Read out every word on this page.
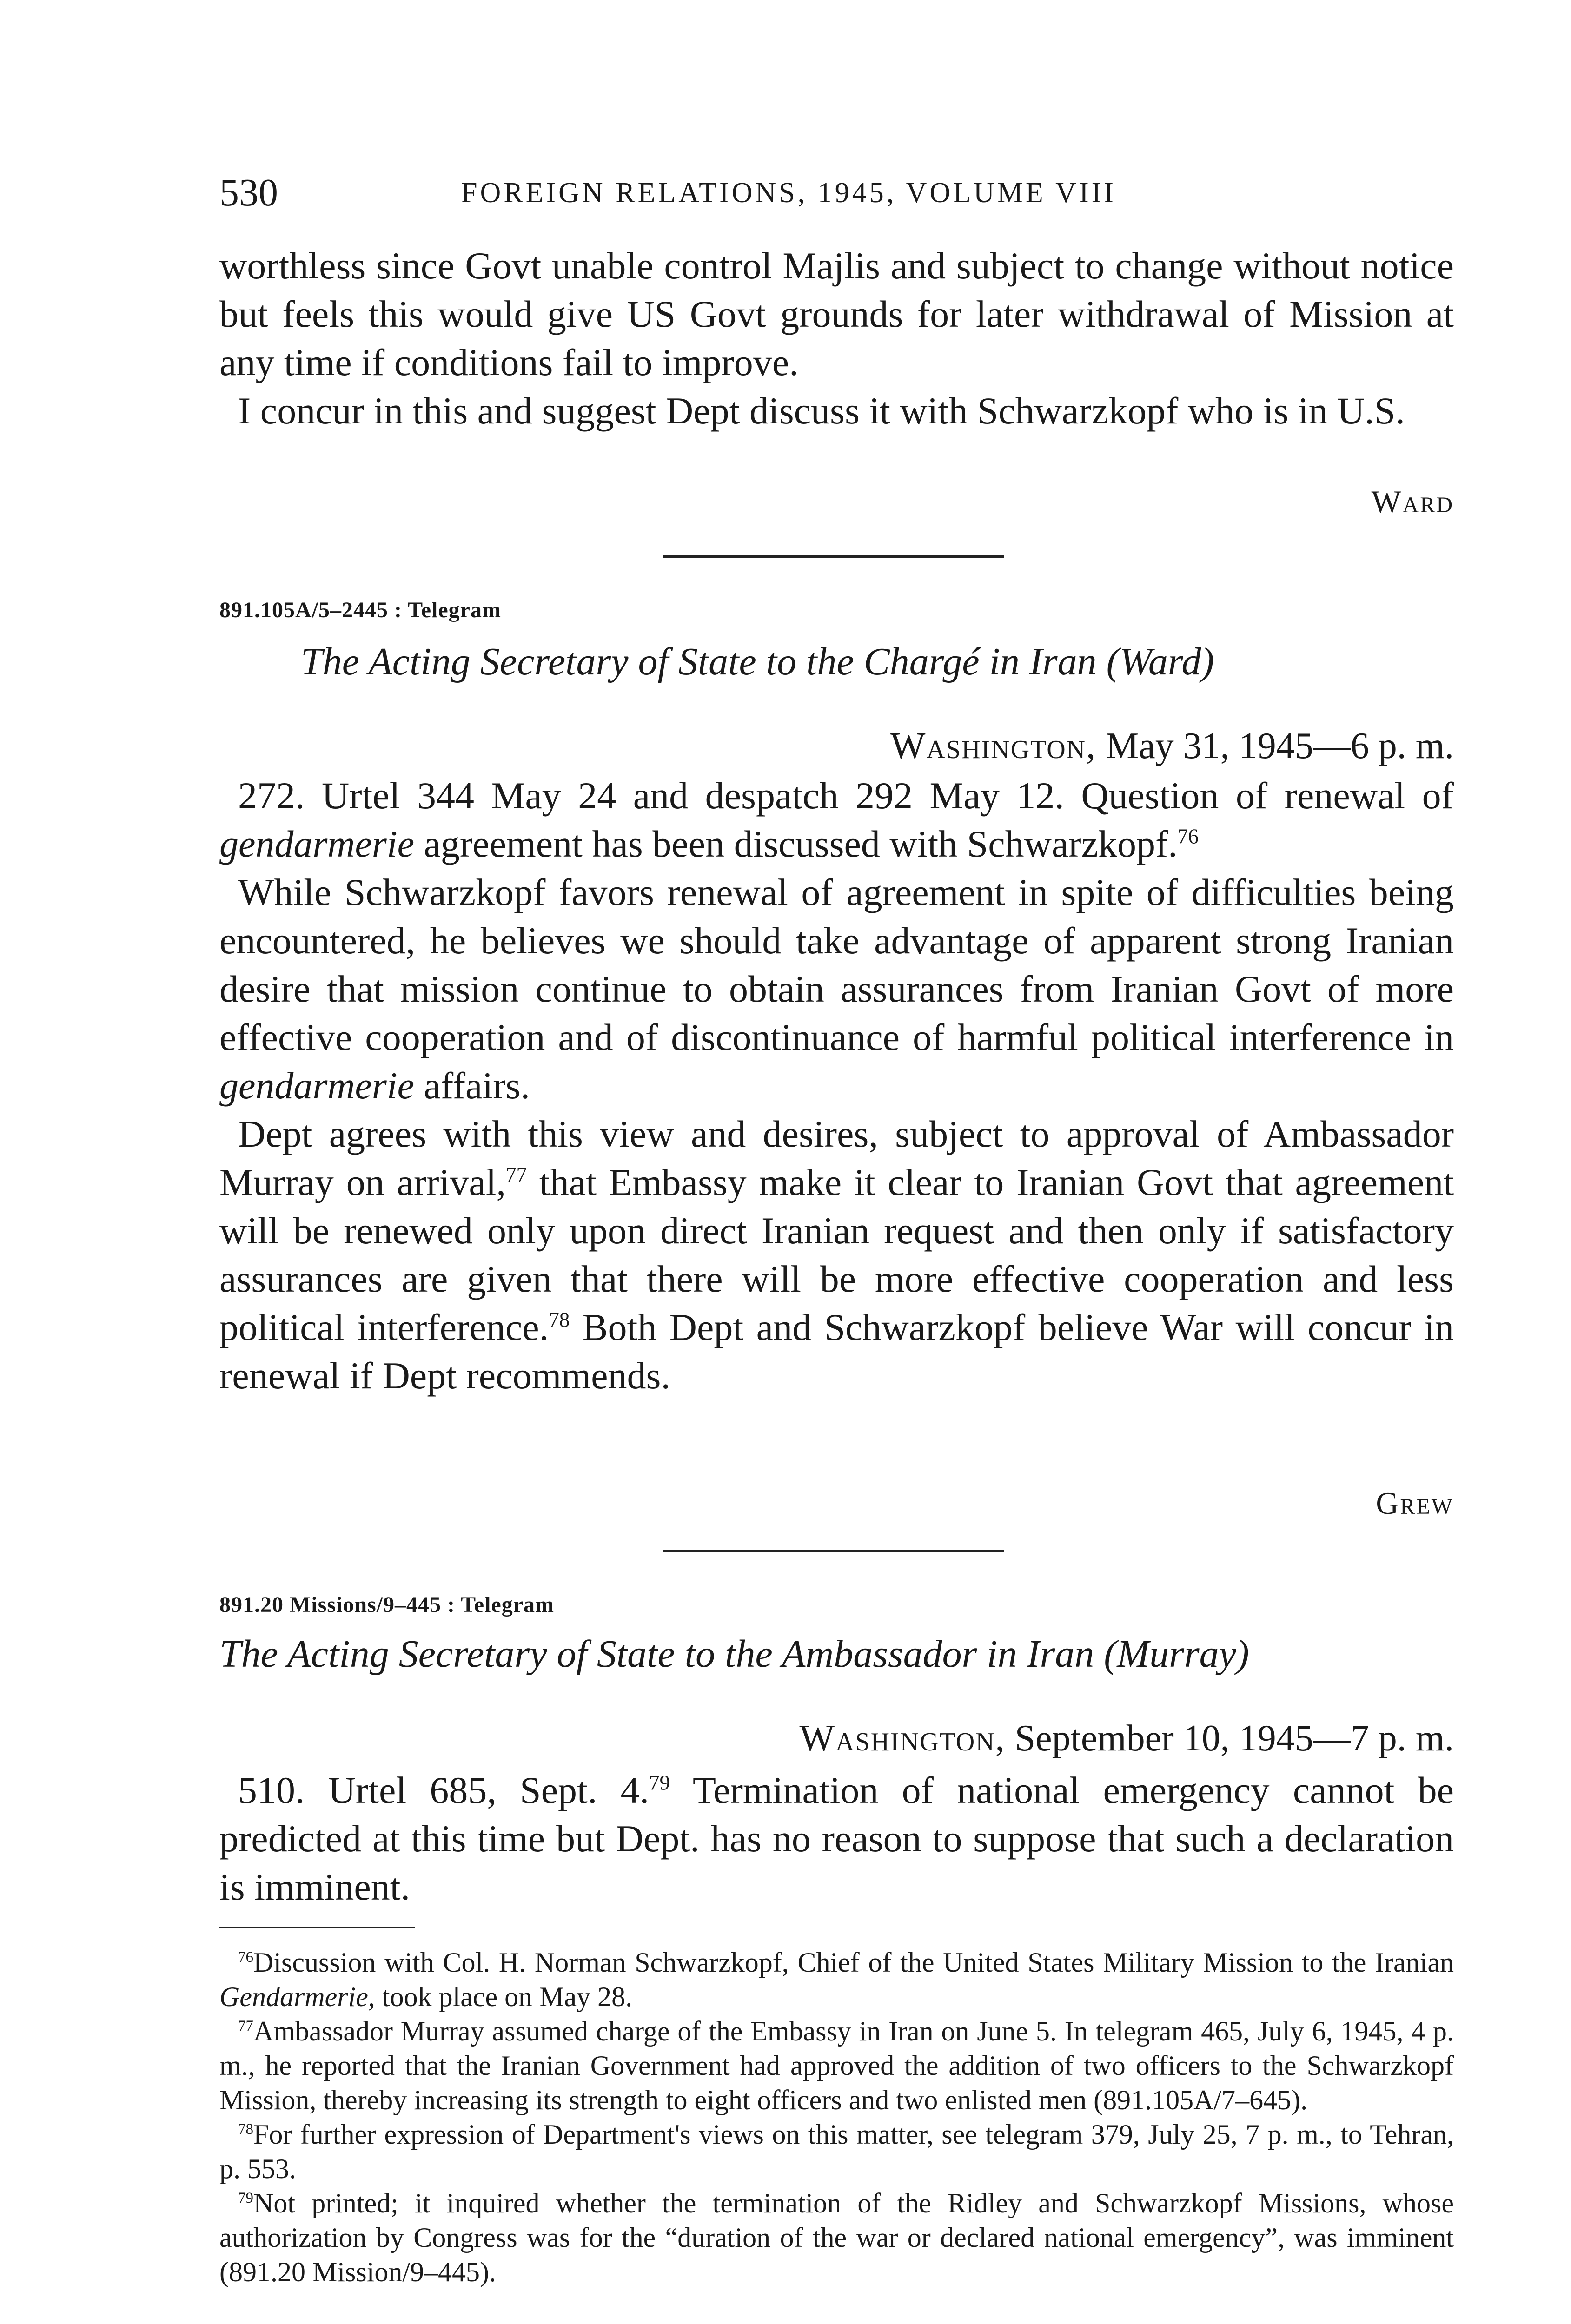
530	FOREIGN RELATIONS, 1945, VOLUME VIII

worthless since Govt unable control Majlis and subject to change without notice but feels this would give US Govt grounds for later withdrawal of Mission at any time if conditions fail to improve.

I concur in this and suggest Dept discuss it with Schwarzkopf who is in U.S.

Ward
891.105A/5–2445 : Telegram
The Acting Secretary of State to the Chargé in Iran (Ward)
Washington, May 31, 1945—6 p. m.

272. Urtel 344 May 24 and despatch 292 May 12. Question of renewal of gendarmerie agreement has been discussed with Schwarzkopf.$^{76}$

While Schwarzkopf favors renewal of agreement in spite of difficulties being encountered, he believes we should take advantage of apparent strong Iranian desire that mission continue to obtain assurances from Iranian Govt of more effective cooperation and of discontinuance of harmful political interference in gendarmerie affairs.

Dept agrees with this view and desires, subject to approval of Ambassador Murray on arrival,$^{77}$ that Embassy make it clear to Iranian Govt that agreement will be renewed only upon direct Iranian request and then only if satisfactory assurances are given that there will be more effective cooperation and less political interference.$^{78}$ Both Dept and Schwarzkopf believe War will concur in renewal if Dept recommends.

Grew
891.20 Missions/9–445 : Telegram
The Acting Secretary of State to the Ambassador in Iran (Murray)
Washington, September 10, 1945—7 p. m.

510. Urtel 685, Sept. 4.79 Termination of national emergency cannot be predicted at this time but Dept. has no reason to suppose that such a declaration is imminent.

$^{76}$Discussion with Col. H. Norman Schwarzkopf, Chief of the United States Military Mission to the Iranian Gendarmerie, took place on May 28.

$^{77}$Ambassador Murray assumed charge of the Embassy in Iran on June 5. In telegram 465, July 6, 1945, 4 p. m., he reported that the Iranian Government had approved the addition of two officers to the Schwarzkopf Mission, thereby increasing its strength to eight officers and two enlisted men (891.105A/7–645).

$^{78}$For further expression of Department's views on this matter, see telegram 379, July 25, 7 p. m., to Tehran, p. 553.

$^{79}$Not printed; it inquired whether the termination of the Ridley and Schwarzkopf Missions, whose authorization by Congress was for the “duration of the war or declared national emergency”, was imminent (891.20 Mission/9–445).
